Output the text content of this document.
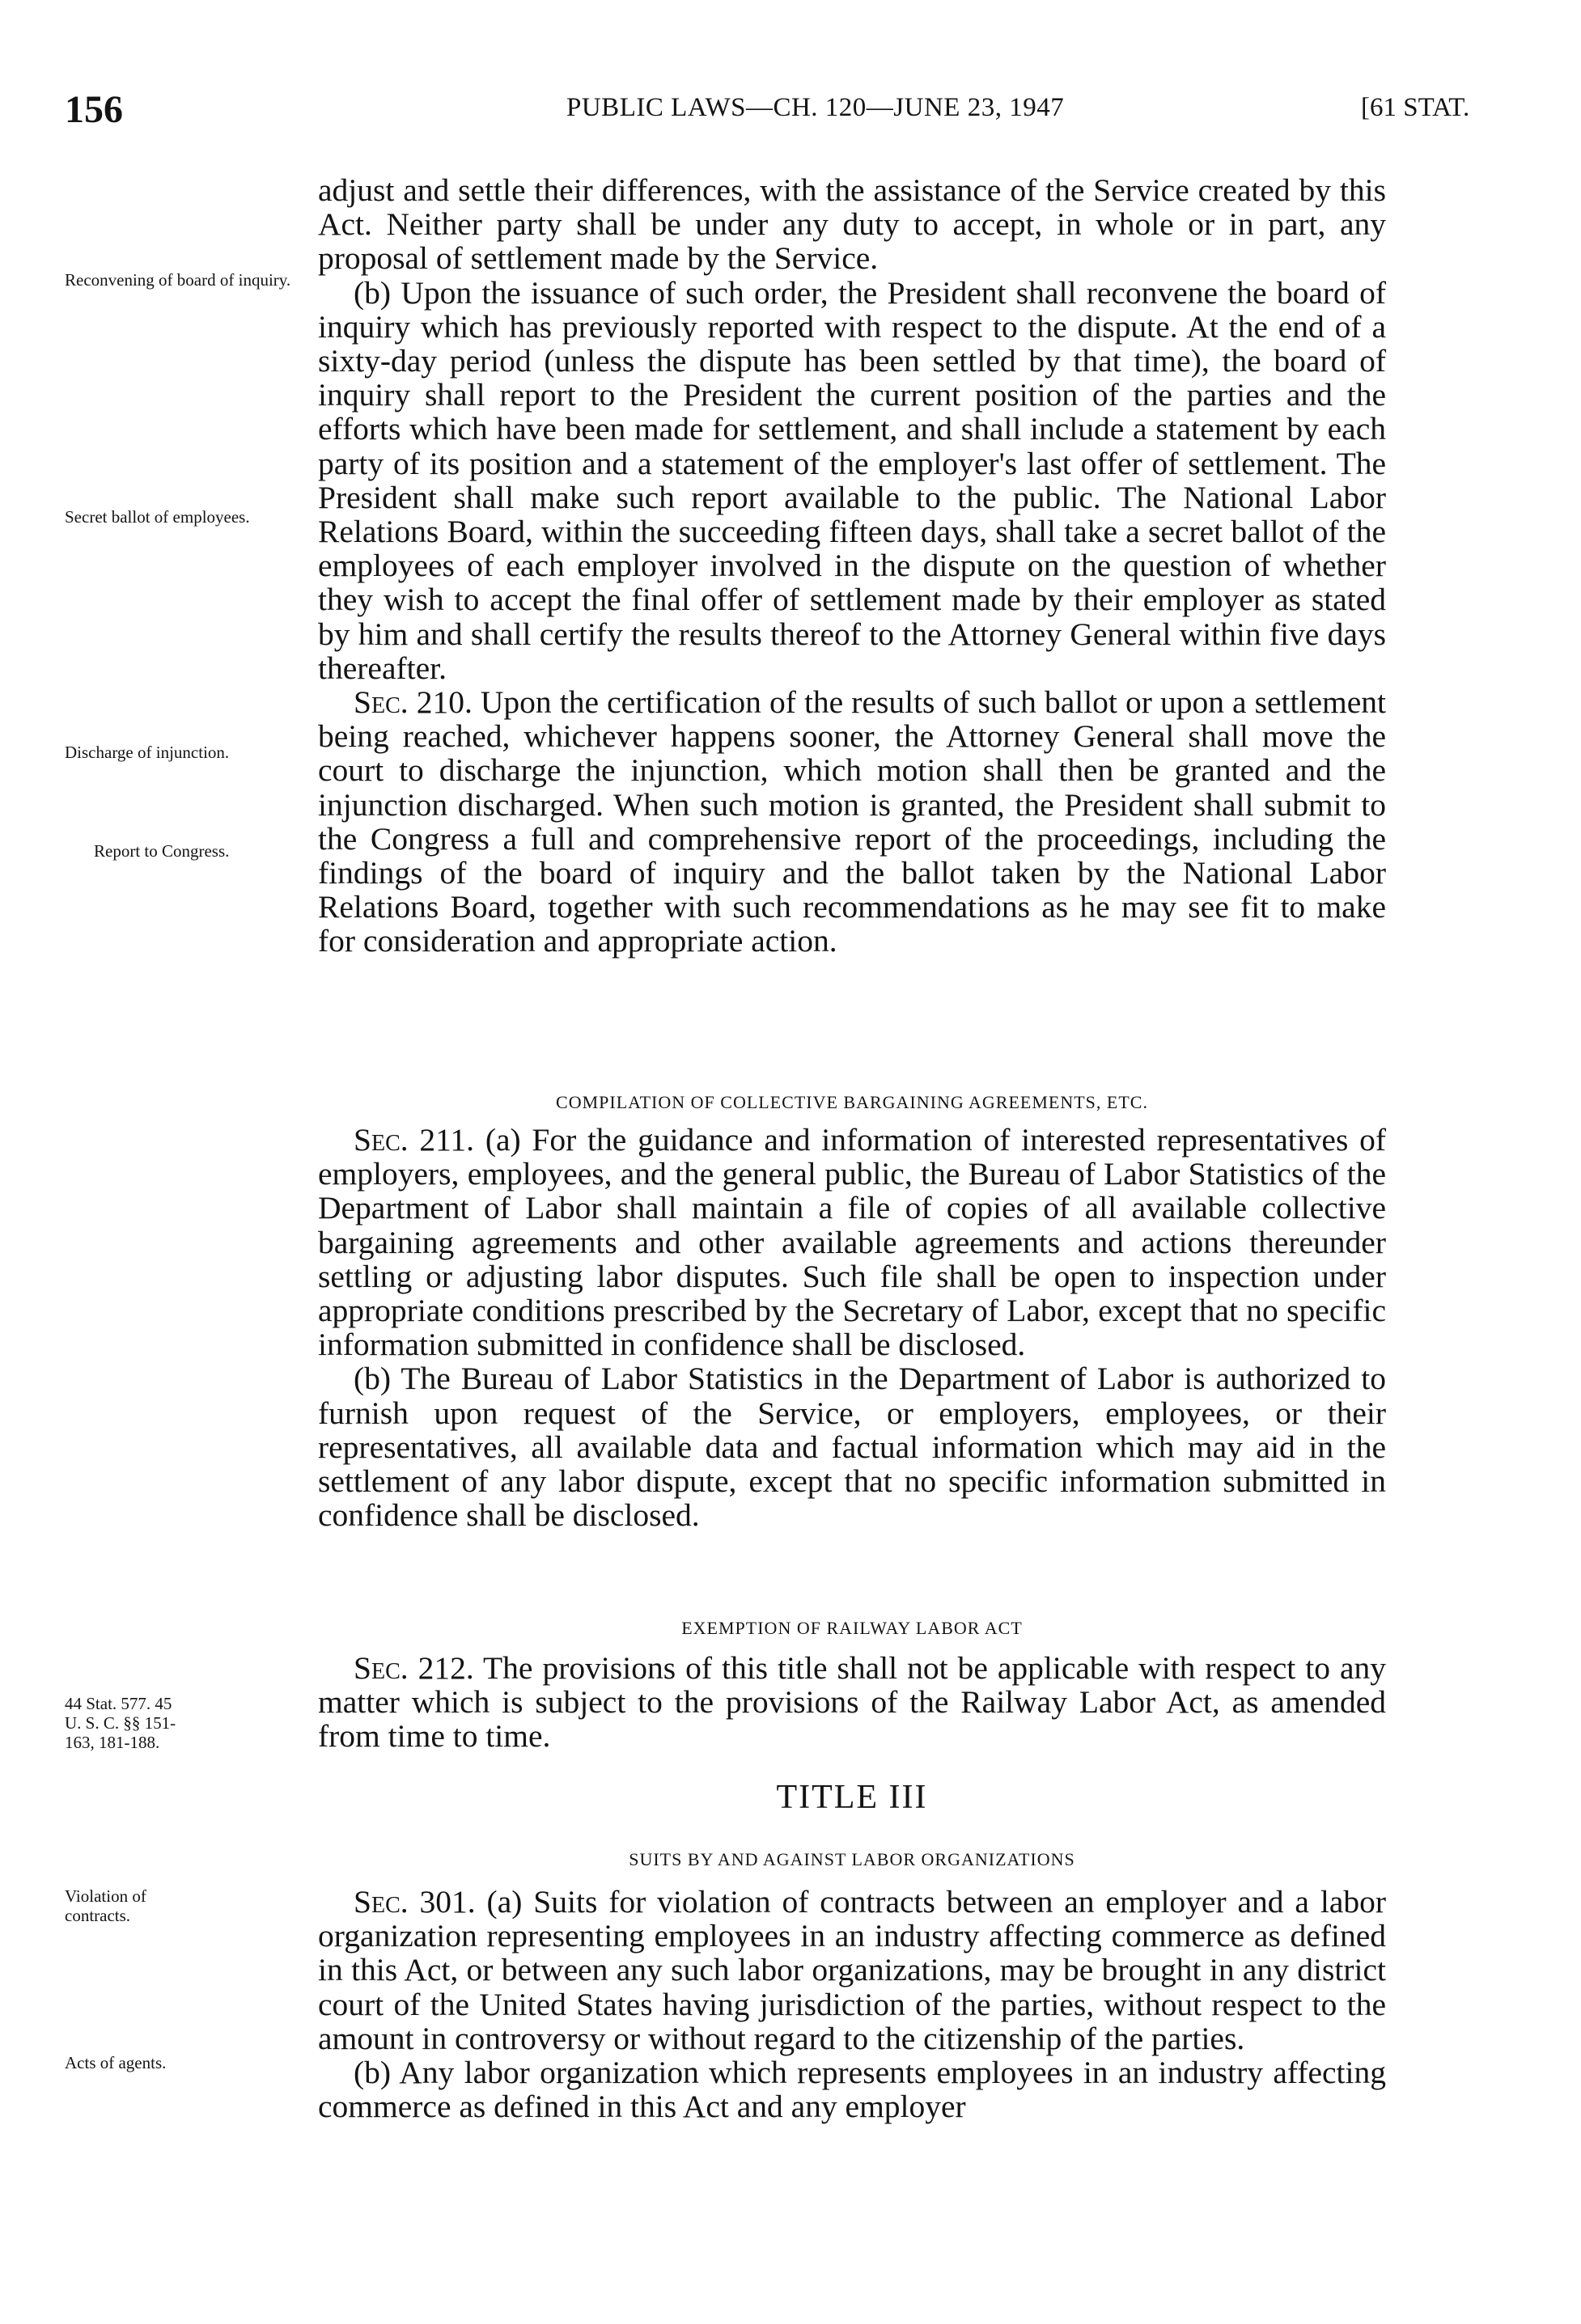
156	PUBLIC LAWS—CH. 120—JUNE 23, 1947	[61 STAT.
Reconvening of board of inquiry.
Secret ballot of employees.
Discharge of injunction.
Report to Congress.
44 Stat. 577. 45 U. S. C. §§ 151-163, 181-188.
Violation of contracts.
Acts of agents.

adjust and settle their differences, with the assistance of the Service created by this Act. Neither party shall be under any duty to accept, in whole or in part, any proposal of settlement made by the Service.

(b) Upon the issuance of such order, the President shall reconvene the board of inquiry which has previously reported with respect to the dispute. At the end of a sixty-day period (unless the dispute has been settled by that time), the board of inquiry shall report to the President the current position of the parties and the efforts which have been made for settlement, and shall include a statement by each party of its position and a statement of the employer's last offer of settlement. The President shall make such report available to the public. The National Labor Relations Board, within the succeeding fifteen days, shall take a secret ballot of the employees of each employer involved in the dispute on the question of whether they wish to accept the final offer of settlement made by their employer as stated by him and shall certify the results thereof to the Attorney General within five days thereafter.

Sec. 210. Upon the certification of the results of such ballot or upon a settlement being reached, whichever happens sooner, the Attorney General shall move the court to discharge the injunction, which motion shall then be granted and the injunction discharged. When such motion is granted, the President shall submit to the Congress a full and comprehensive report of the proceedings, including the findings of the board of inquiry and the ballot taken by the National Labor Relations Board, together with such recommendations as he may see fit to make for consideration and appropriate action.

COMPILATION OF COLLECTIVE BARGAINING AGREEMENTS, ETC.

Sec. 211. (a) For the guidance and information of interested representatives of employers, employees, and the general public, the Bureau of Labor Statistics of the Department of Labor shall maintain a file of copies of all available collective bargaining agreements and other available agreements and actions thereunder settling or adjusting labor disputes. Such file shall be open to inspection under appropriate conditions prescribed by the Secretary of Labor, except that no specific information submitted in confidence shall be disclosed.

(b) The Bureau of Labor Statistics in the Department of Labor is authorized to furnish upon request of the Service, or employers, employees, or their representatives, all available data and factual information which may aid in the settlement of any labor dispute, except that no specific information submitted in confidence shall be disclosed.

EXEMPTION OF RAILWAY LABOR ACT

Sec. 212. The provisions of this title shall not be applicable with respect to any matter which is subject to the provisions of the Railway Labor Act, as amended from time to time.

TITLE III
SUITS BY AND AGAINST LABOR ORGANIZATIONS

Sec. 301. (a) Suits for violation of contracts between an employer and a labor organization representing employees in an industry affecting commerce as defined in this Act, or between any such labor organizations, may be brought in any district court of the United States having jurisdiction of the parties, without respect to the amount in controversy or without regard to the citizenship of the parties.

(b) Any labor organization which represents employees in an industry affecting commerce as defined in this Act and any employer
